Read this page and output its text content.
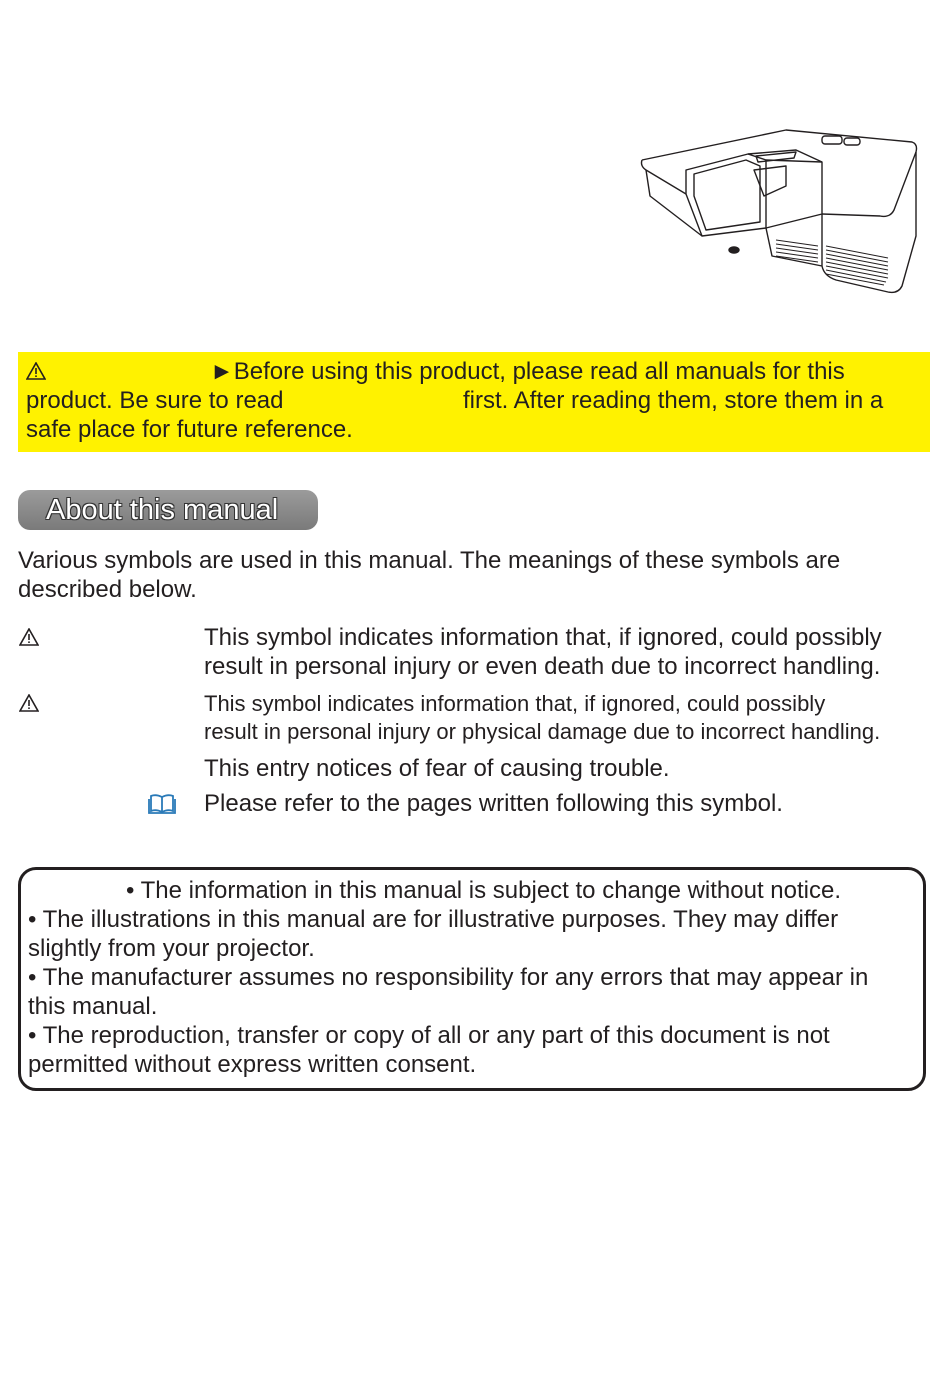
►Before using this product, please read all manuals for this
product. Be sure to read	first. After reading them, store them in a
safe place for future reference.
About this manual
Various symbols are used in this manual. The meanings of these symbols are
described below.
This symbol indicates information that, if ignored, could possibly
result in personal injury or even death due to incorrect handling.
This symbol indicates information that, if ignored, could possibly
result in personal injury or physical damage due to incorrect handling.
This entry notices of fear of causing trouble.
Please refer to the pages written following this symbol.
• The information in this manual is subject to change without notice.
• The illustrations in this manual are for illustrative purposes. They may differ
slightly from your projector.
• The manufacturer assumes no responsibility for any errors that may appear in
this manual.
• The reproduction, transfer or copy of all or any part of this document is not
permitted without express written consent.
